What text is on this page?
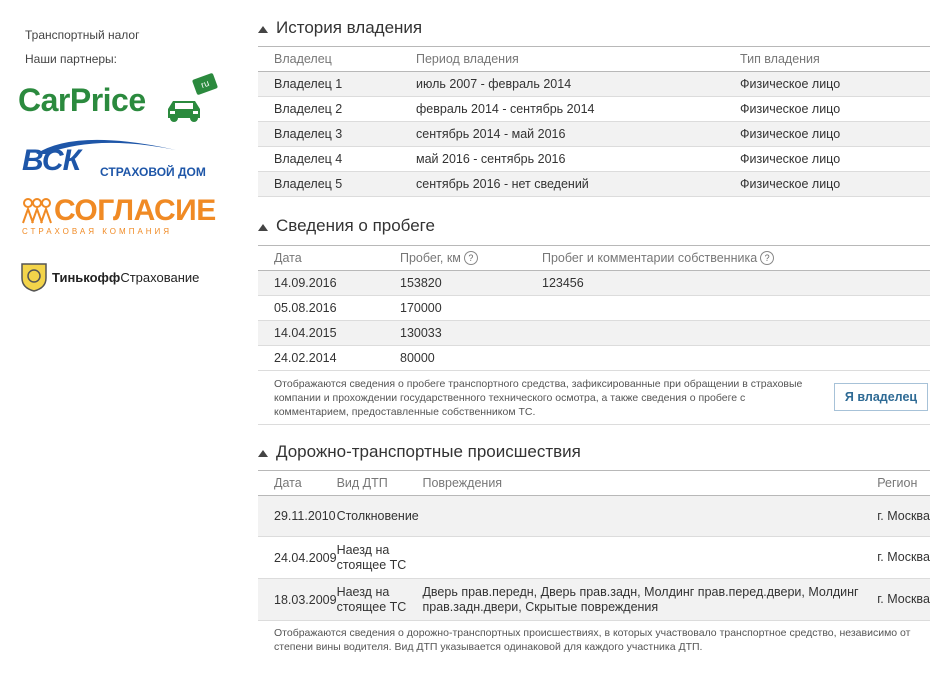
Транспортный налог
Наши партнеры:
CarPrice	ru
ВСК СТРАХОВОЙ ДОМ
СОГЛАСИЕ
СТРАХОВАЯ КОМПАНИЯ
ТинькоффСтрахование
История владения
Владелец	Период владения	Тип владения
Владелец 1	июль 2007 - февраль 2014	Физическое лицо
Владелец 2	февраль 2014 - сентябрь 2014	Физическое лицо
Владелец 3	сентябрь 2014 - май 2016	Физическое лицо
Владелец 4	май 2016 - сентябрь 2016	Физическое лицо
Владелец 5	сентябрь 2016 - нет сведений	Физическое лицо
Сведения о пробеге
Дата	Пробег, км ?	Пробег и комментарии собственника ?
14.09.2016	153820	123456
05.08.2016	170000	
14.04.2015	130033	
24.02.2014	80000	
Отображаются сведения о пробеге транспортного средства, зафиксированные при обращении в страховые компании и прохождении государственного технического осмотра, а также сведения о пробеге с комментарием, предоставленные собственником ТС.
Я владелец
Дорожно-транспортные происшествия
Дата	Вид ДТП	Повреждения	Регион
29.11.2010	Столкновение		г. Москва
24.04.2009	Наезд на стоящее ТС		г. Москва
18.03.2009	Наезд на стоящее ТС	Дверь прав.передн, Дверь прав.задн, Молдинг прав.перед.двери, Молдинг прав.задн.двери, Скрытые повреждения	г. Москва
Отображаются сведения о дорожно-транспортных происшествиях, в которых участвовало транспортное средство, независимо от степени вины водителя. Вид ДТП указывается одинаковой для каждого участника ДТП.
